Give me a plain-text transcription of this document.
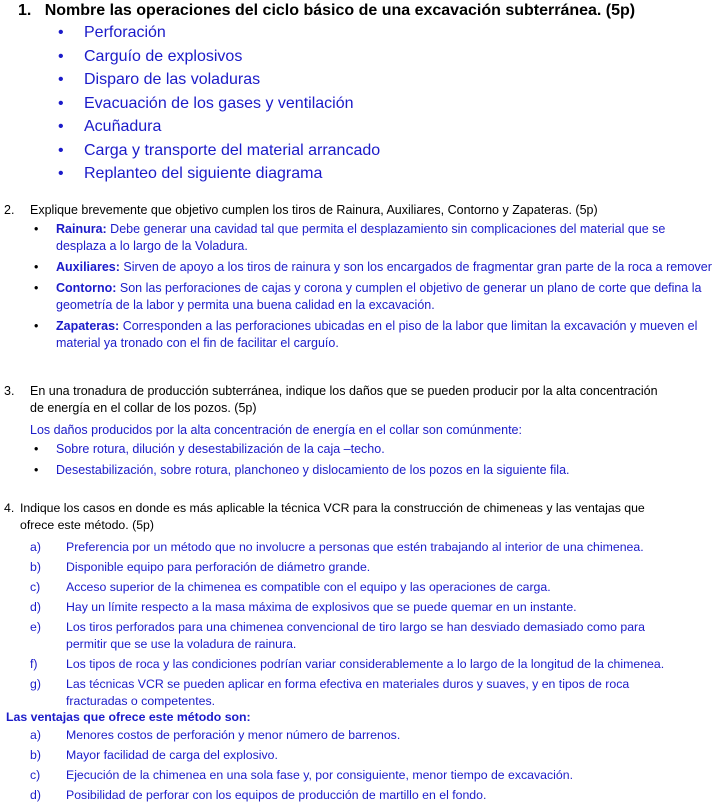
1. Nombre las operaciones del ciclo básico de una excavación subterránea. (5p)
• Perforación
• Carguío de explosivos
• Disparo de las voladuras
• Evacuación de los gases y ventilación
• Acuñadura
• Carga y transporte del material arrancado
• Replanteo del siguiente diagrama
2. Explique brevemente que objetivo cumplen los tiros de Rainura, Auxiliares, Contorno y Zapateras. (5p)
• Rainura: Debe generar una cavidad tal que permita el desplazamiento sin complicaciones del material que se desplaza a lo largo de la Voladura.
• Auxiliares: Sirven de apoyo a los tiros de rainura y son los encargados de fragmentar gran parte de la roca a remover
• Contorno: Son las perforaciones de cajas y corona y cumplen el objetivo de generar un plano de corte que defina la geometría de la labor y permita una buena calidad en la excavación.
• Zapateras: Corresponden a las perforaciones ubicadas en el piso de la labor que limitan la excavación y mueven el material ya tronado con el fin de facilitar el carguío.
3. En una tronadura de producción subterránea, indique los daños que se pueden producir por la alta concentración
de energía en el collar de los pozos. (5p)
Los daños producidos por la alta concentración de energía en el collar son comúnmente:
• Sobre rotura, dilución y desestabilización de la caja –techo.
• Desestabilización, sobre rotura, planchoneo y dislocamiento de los pozos en la siguiente fila.
4. Indique los casos en donde es más aplicable la técnica VCR para la construcción de chimeneas y las ventajas que
ofrece este método. (5p)
a) Preferencia por un método que no involucre a personas que estén trabajando al interior de una chimenea.
b) Disponible equipo para perforación de diámetro grande.
c) Acceso superior de la chimenea es compatible con el equipo y las operaciones de carga.
d) Hay un límite respecto a la masa máxima de explosivos que se puede quemar en un instante.
e) Los tiros perforados para una chimenea convencional de tiro largo se han desviado demasiado como para
permitir que se use la voladura de rainura.
f) Los tipos de roca y las condiciones podrían variar considerablemente a lo largo de la longitud de la chimenea.
g) Las técnicas VCR se pueden aplicar en forma efectiva en materiales duros y suaves, y en tipos de roca
fracturadas o competentes.
Las ventajas que ofrece este método son:
a) Menores costos de perforación y menor número de barrenos.
b) Mayor facilidad de carga del explosivo.
c) Ejecución de la chimenea en una sola fase y, por consiguiente, menor tiempo de excavación.
d) Posibilidad de perforar con los equipos de producción de martillo en el fondo.
